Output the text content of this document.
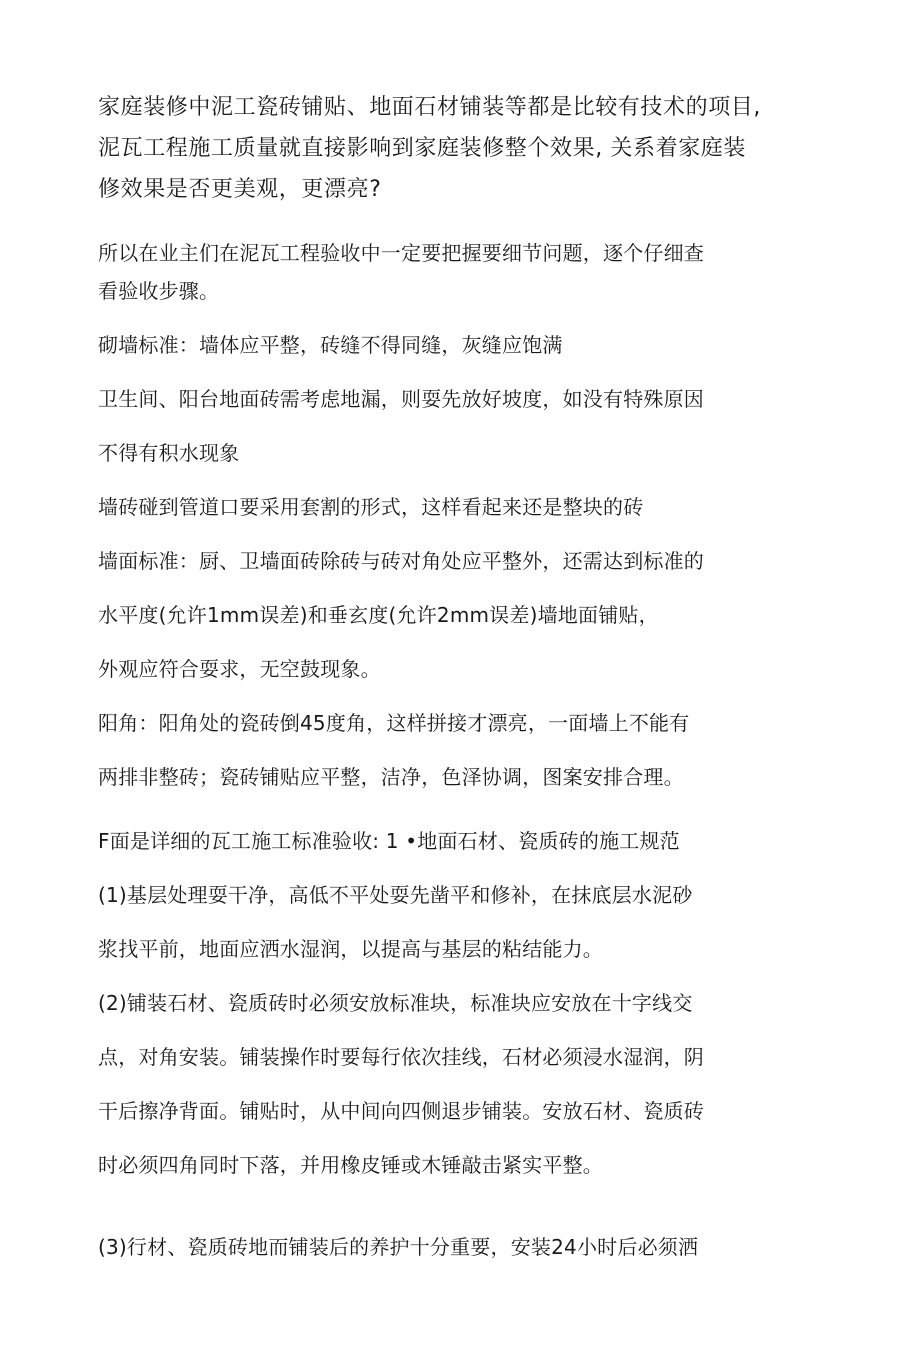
家庭装修中泥工瓷砖铺贴、地面石材铺装等都是比较有技术的项目,
泥瓦工程施工质量就直接影响到家庭装修整个效果, 关系着家庭装
修效果是否更美观，更漂亮?
所以在业主们在泥瓦工程验收中一定要把握要细节问题，逐个仔细查
看验收步骤。
砌墙标准：墙体应平整，砖缝不得同缝，灰缝应饱满
卫生间、阳台地面砖需考虑地漏，则耍先放好坡度，如没有特殊原因
不得有积水现象
墙砖碰到管道口要采用套割的形式，这样看起来还是整块的砖
墙面标准：厨、卫墙面砖除砖与砖对角处应平整外，还需达到标准的
水平度(允许1mm误差)和垂玄度(允许2mm误差)墙地面铺贴，
外观应符合耍求，无空鼓现象。
阳角：阳角处的瓷砖倒45度角，这样拼接才漂亮，一面墙上不能有
两排非整砖；瓷砖铺贴应平整，洁净，色泽协调，图案安排合理。
F面是详细的瓦工施工标准验收: 1 •地面石材、瓷质砖的施工规范
(1)基层处理耍干净，高低不平处耍先凿平和修补，在抹底层水泥砂
浆找平前，地面应洒水湿润，以提高与基层的粘结能力。
(2)铺装石材、瓷质砖时必须安放标准块，标准块应安放在十字线交
点，对角安装。铺装操作时要每行依次挂线，石材必须浸水湿润，阴
干后擦净背面。铺贴时，从中间向四侧退步铺装。安放石材、瓷质砖
时必须四角同时下落，并用橡皮锤或木锤敲击紧实平整。
(3)行材、瓷质砖地而铺装后的养护十分重要，安装24小时后必须洒
